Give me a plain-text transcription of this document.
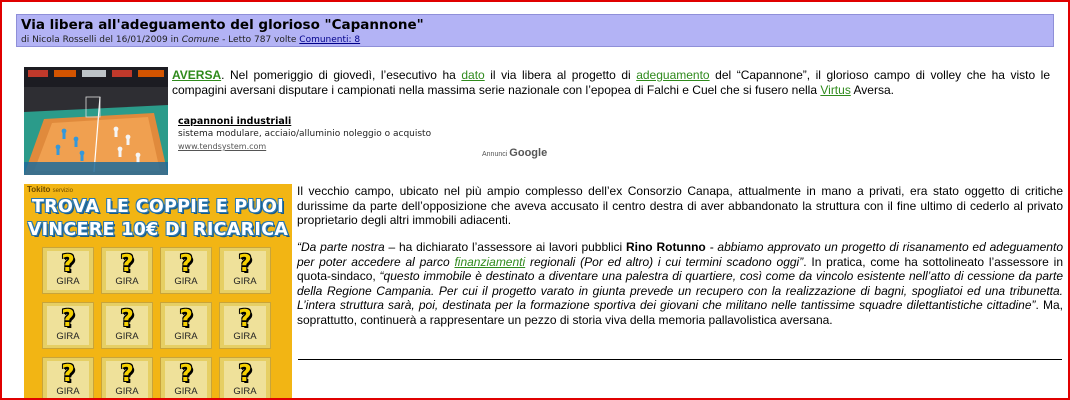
Via libera all'adeguamento del glorioso "Capannone"
di Nicola Rosselli del 16/01/2009 in Comune - Letto 787 volte Comunenti: 8
AVERSA. Nel pomeriggio di giovedì, l’esecutivo ha dato il via libera al progetto di adeguamento del “Capannone”, il glorioso campo di volley che ha visto le compagini aversani disputare i campionati nella massima serie nazionale con l’epopea di Falchi e Cuel che si fusero nella Virtus Aversa.
capannoni industriali
sistema modulare, acciaio/alluminio noleggio o acquisto
www.tendsystem.com
Annunci Google
Tokito servizio
TROVA LE COPPIE E PUOI
VINCERE 10€ DI RICARICA
?
GIRA
?
GIRA
?
GIRA
?
GIRA
?
GIRA
?
GIRA
?
GIRA
?
GIRA
?
GIRA
?
GIRA
?
GIRA
?
GIRA
Il vecchio campo, ubicato nel più ampio complesso dell’ex Consorzio Canapa, attualmente in mano a privati, era stato oggetto di critiche durissime da parte dell’opposizione che aveva accusato il centro destra di aver abbandonato la struttura con il fine ultimo di cederlo al privato proprietario degli altri immobili adiacenti.
“Da parte nostra – ha dichiarato l’assessore ai lavori pubblici Rino Rotunno - abbiamo approvato un progetto di risanamento ed adeguamento per poter accedere al parco finanziamenti regionali (Por ed altro) i cui termini scadono oggi”. In pratica, come ha sottolineato l’assessore in quota-sindaco, “questo immobile è destinato a diventare una palestra di quartiere, così come da vincolo esistente nell’atto di cessione da parte della Regione Campania. Per cui il progetto varato in giunta prevede un recupero con la realizzazione di bagni, spogliatoi ed una tribunetta. L’intera struttura sarà, poi, destinata per la formazione sportiva dei giovani che militano nelle tantissime squadre dilettantistiche cittadine”. Ma, soprattutto, continuerà a rappresentare un pezzo di storia viva della memoria pallavolistica aversana.
